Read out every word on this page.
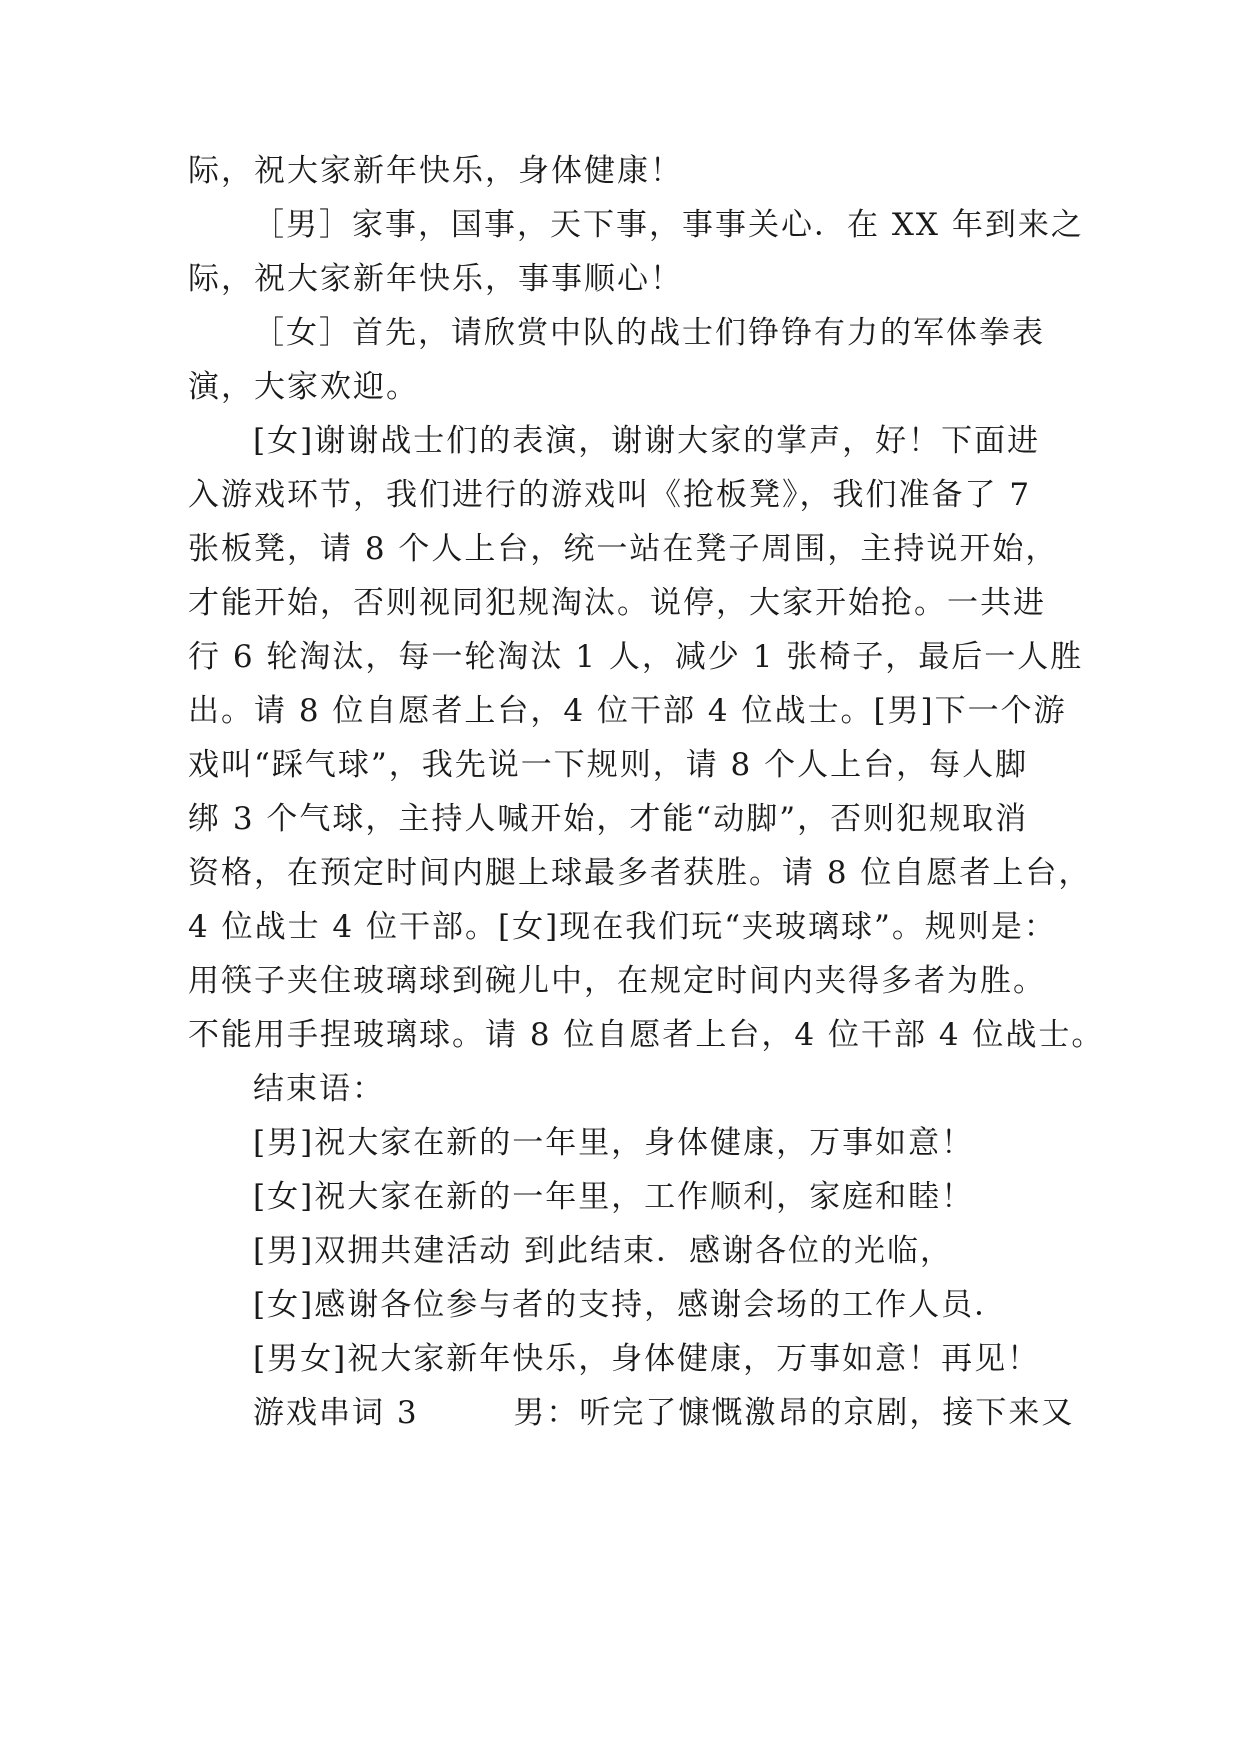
际，祝大家新年快乐，身体健康！
［男］家事，国事，天下事，事事关心．在 XX 年到来之
际，祝大家新年快乐，事事顺心！
［女］首先，请欣赏中队的战士们铮铮有力的军体拳表
演，大家欢迎。
[女]谢谢战士们的表演，谢谢大家的掌声，好！下面进
入游戏环节，我们进行的游戏叫《抢板凳》，我们准备了 7
张板凳，请 8 个人上台，统一站在凳子周围，主持说开始，
才能开始，否则视同犯规淘汰。说停，大家开始抢。一共进
行 6 轮淘汰，每一轮淘汰 1 人，减少 1 张椅子，最后一人胜
出。请 8 位自愿者上台，4 位干部 4 位战士。[男]下一个游
戏叫“踩气球”，我先说一下规则，请 8 个人上台，每人脚
绑 3 个气球，主持人喊开始，才能“动脚”，否则犯规取消
资格，在预定时间内腿上球最多者获胜。请 8 位自愿者上台，
4 位战士 4 位干部。[女]现在我们玩“夹玻璃球”。规则是：
用筷子夹住玻璃球到碗儿中，在规定时间内夹得多者为胜。
不能用手捏玻璃球。请 8 位自愿者上台，4 位干部 4 位战士。
结束语：
[男]祝大家在新的一年里，身体健康，万事如意！
[女]祝大家在新的一年里，工作顺利，家庭和睦！
[男]双拥共建活动 到此结束．感谢各位的光临，
[女]感谢各位参与者的支持，感谢会场的工作人员．
[男女]祝大家新年快乐，身体健康，万事如意！再见！
游戏串词 3        男：听完了慷慨激昂的京剧，接下来又
